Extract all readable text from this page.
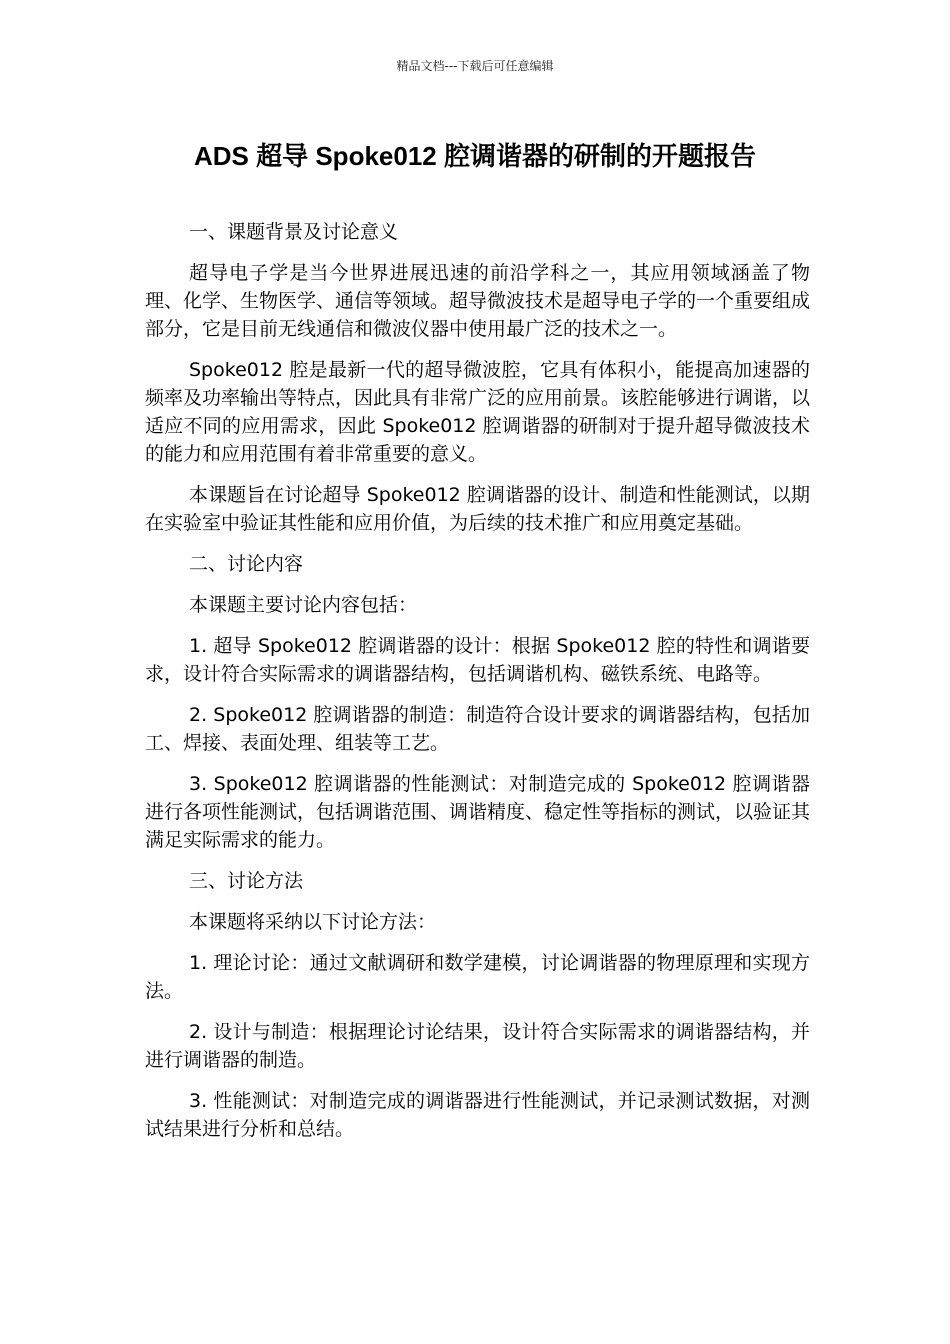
精品文档---下载后可任意编辑
ADS 超导 Spoke012 腔调谐器的研制的开题报告

一、课题背景及讨论意义

超导电子学是当今世界进展迅速的前沿学科之一，其应用领域涵盖了物理、化学、生物医学、通信等领域。超导微波技术是超导电子学的一个重要组成部分，它是目前无线通信和微波仪器中使用最广泛的技术之一。

Spoke012 腔是最新一代的超导微波腔，它具有体积小，能提高加速器的频率及功率输出等特点，因此具有非常广泛的应用前景。该腔能够进行调谐，以适应不同的应用需求，因此 Spoke012 腔调谐器的研制对于提升超导微波技术的能力和应用范围有着非常重要的意义。

本课题旨在讨论超导 Spoke012 腔调谐器的设计、制造和性能测试，以期在实验室中验证其性能和应用价值，为后续的技术推广和应用奠定基础。

二、讨论内容

本课题主要讨论内容包括：

1. 超导 Spoke012 腔调谐器的设计：根据 Spoke012 腔的特性和调谐要求，设计符合实际需求的调谐器结构，包括调谐机构、磁铁系统、电路等。

2. Spoke012 腔调谐器的制造：制造符合设计要求的调谐器结构，包括加工、焊接、表面处理、组装等工艺。

3. Spoke012 腔调谐器的性能测试：对制造完成的 Spoke012 腔调谐器进行各项性能测试，包括调谐范围、调谐精度、稳定性等指标的测试，以验证其满足实际需求的能力。

三、讨论方法

本课题将采纳以下讨论方法：

1. 理论讨论：通过文献调研和数学建模，讨论调谐器的物理原理和实现方法。

2. 设计与制造：根据理论讨论结果，设计符合实际需求的调谐器结构，并进行调谐器的制造。

3. 性能测试：对制造完成的调谐器进行性能测试，并记录测试数据，对测试结果进行分析和总结。
